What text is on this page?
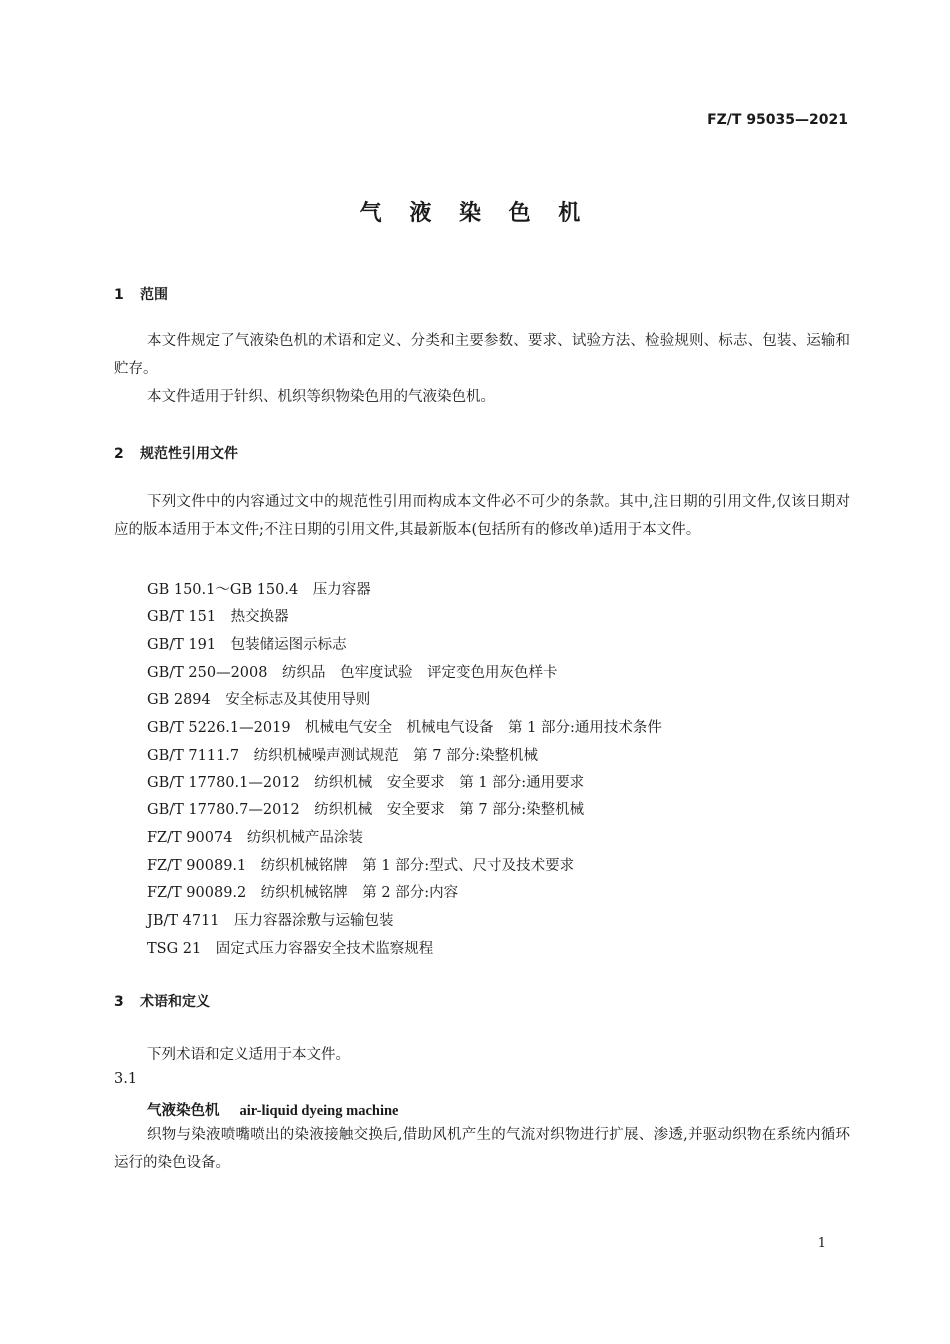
FZ/T 95035—2021
气 液 染 色 机
1 范围

本文件规定了气液染色机的术语和定义、分类和主要参数、要求、试验方法、检验规则、标志、包装、运输和贮存。

本文件适用于针织、机织等织物染色用的气液染色机。

2 规范性引用文件

下列文件中的内容通过文中的规范性引用而构成本文件必不可少的条款。其中,注日期的引用文件,仅该日期对应的版本适用于本文件;不注日期的引用文件,其最新版本(包括所有的修改单)适用于本文件。

GB 150.1～GB 150.4　压力容器
GB/T 151　热交换器
GB/T 191　包装储运图示标志
GB/T 250—2008　纺织品　色牢度试验　评定变色用灰色样卡
GB 2894　安全标志及其使用导则
GB/T 5226.1—2019　机械电气安全　机械电气设备　第 1 部分:通用技术条件
GB/T 7111.7　纺织机械噪声测试规范　第 7 部分:染整机械
GB/T 17780.1—2012　纺织机械　安全要求　第 1 部分:通用要求
GB/T 17780.7—2012　纺织机械　安全要求　第 7 部分:染整机械
FZ/T 90074　纺织机械产品涂装
FZ/T 90089.1　纺织机械铭牌　第 1 部分:型式、尺寸及技术要求
FZ/T 90089.2　纺织机械铭牌　第 2 部分:内容
JB/T 4711　压力容器涂敷与运输包装
TSG 21　固定式压力容器安全技术监察规程
3 术语和定义
下列术语和定义适用于本文件。
3.1
气液染色机 air-liquid dyeing machine

织物与染液喷嘴喷出的染液接触交换后,借助风机产生的气流对织物进行扩展、渗透,并驱动织物在系统内循环运行的染色设备。

1
